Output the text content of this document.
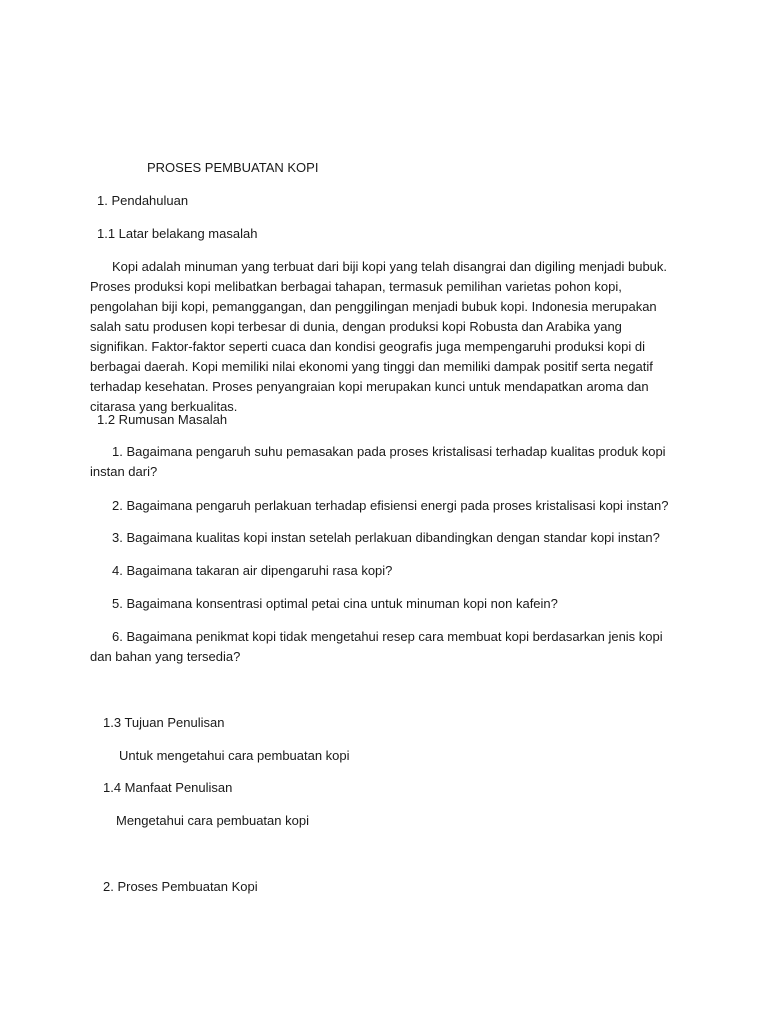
PROSES PEMBUATAN KOPI
1. Pendahuluan
1.1 Latar belakang masalah
Kopi adalah minuman yang terbuat dari biji kopi yang telah disangrai dan digiling menjadi bubuk. Proses produksi kopi melibatkan berbagai tahapan, termasuk pemilihan varietas pohon kopi, pengolahan biji kopi, pemanggangan, dan penggilingan menjadi bubuk kopi. Indonesia merupakan salah satu produsen kopi terbesar di dunia, dengan produksi kopi Robusta dan Arabika yang signifikan. Faktor-faktor seperti cuaca dan kondisi geografis juga mempengaruhi produksi kopi di berbagai daerah. Kopi memiliki nilai ekonomi yang tinggi dan memiliki dampak positif serta negatif terhadap kesehatan. Proses penyangraian kopi merupakan kunci untuk mendapatkan aroma dan citarasa yang berkualitas.
1.2 Rumusan Masalah
1. Bagaimana pengaruh suhu pemasakan pada proses kristalisasi terhadap kualitas produk kopi instan dari?
2. Bagaimana pengaruh perlakuan terhadap efisiensi energi pada proses kristalisasi kopi instan?
3. Bagaimana kualitas kopi instan setelah perlakuan dibandingkan dengan standar kopi instan?
4. Bagaimana takaran air dipengaruhi rasa kopi?
5. Bagaimana konsentrasi optimal petai cina untuk minuman kopi non kafein?
6. Bagaimana penikmat kopi tidak mengetahui resep cara membuat kopi berdasarkan jenis kopi dan bahan yang tersedia?
1.3 Tujuan Penulisan
Untuk mengetahui cara pembuatan kopi
1.4 Manfaat Penulisan
Mengetahui cara pembuatan kopi
2. Proses Pembuatan Kopi
